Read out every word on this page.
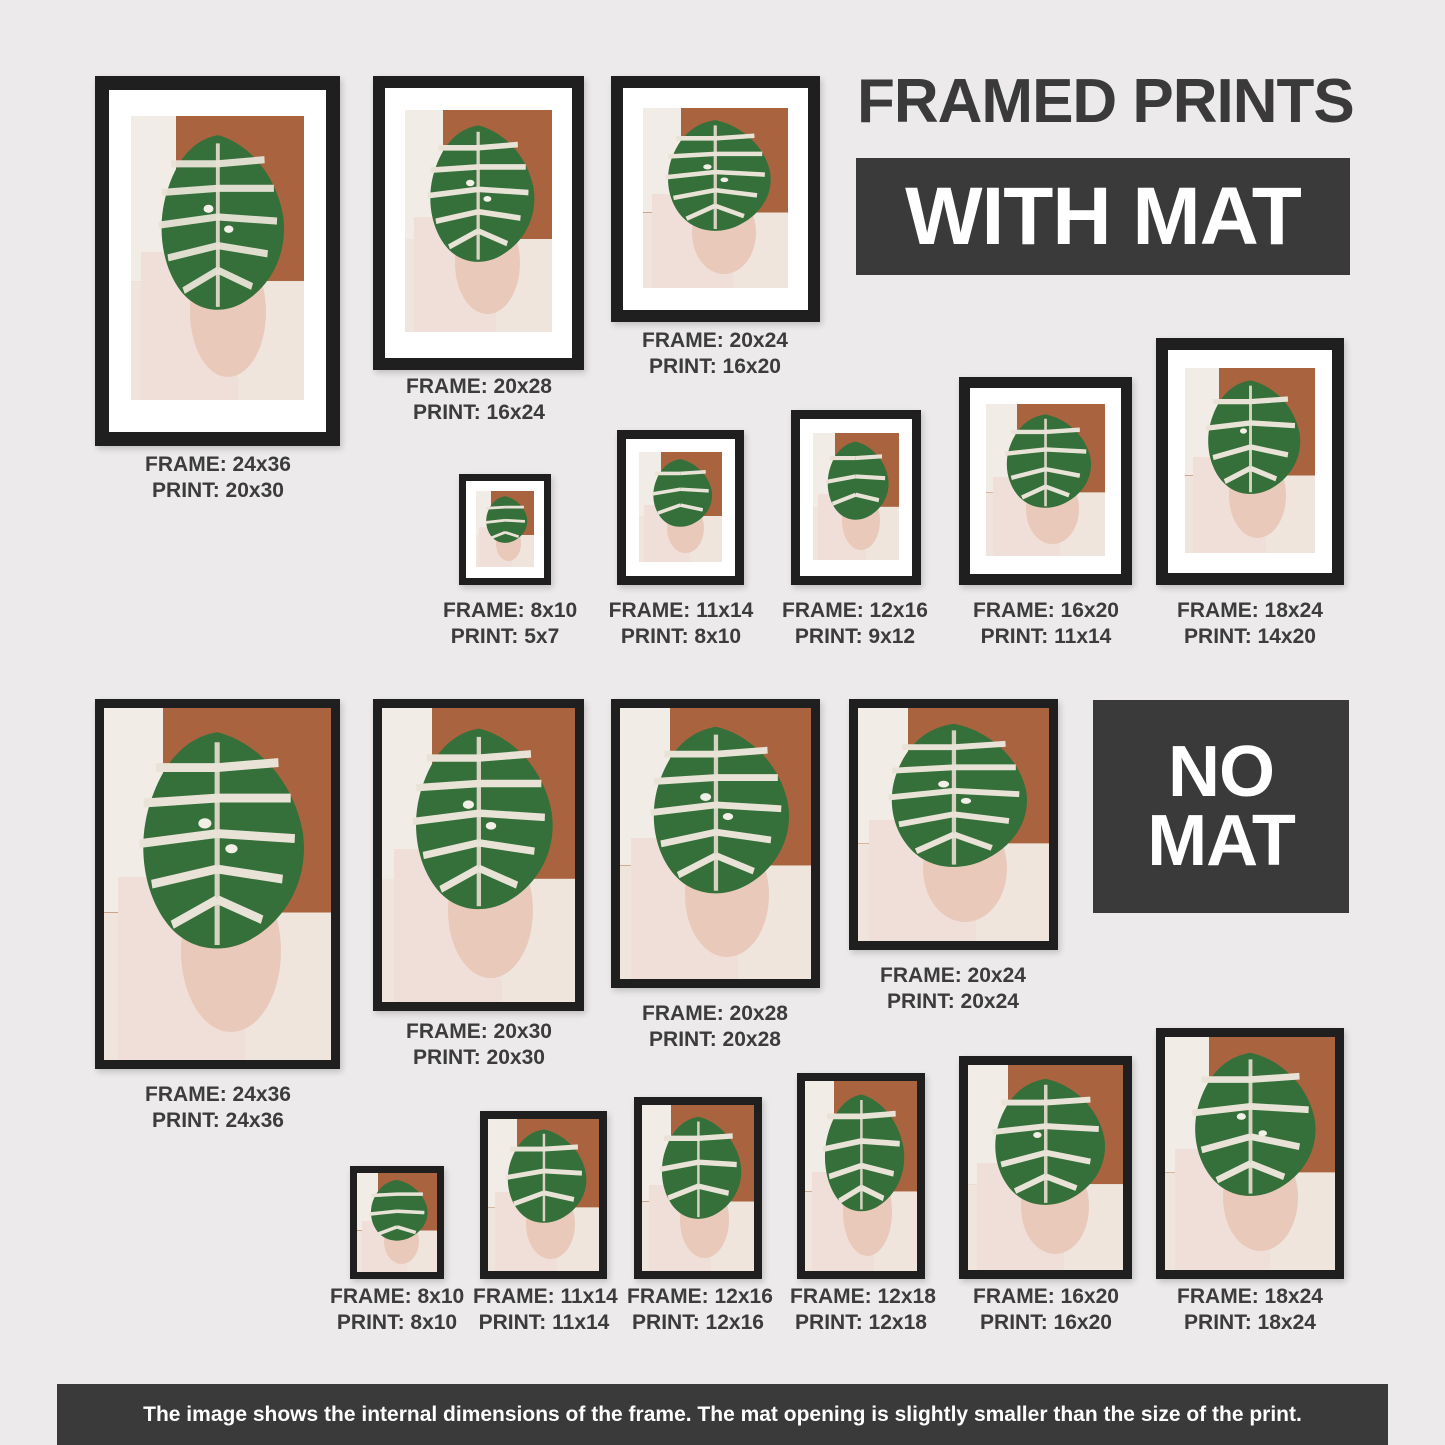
FRAMED PRINTS
WITH MAT
NO
MAT
FRAME: 24x36
PRINT: 20x30
FRAME: 20x28
PRINT: 16x24
FRAME: 20x24
PRINT: 16x20
FRAME: 8x10
PRINT: 5x7
FRAME: 11x14
PRINT: 8x10
FRAME: 12x16
PRINT: 9x12
FRAME: 16x20
PRINT: 11x14
FRAME: 18x24
PRINT: 14x20
FRAME: 24x36
PRINT: 24x36
FRAME: 20x30
PRINT: 20x30
FRAME: 20x28
PRINT: 20x28
FRAME: 20x24
PRINT: 20x24
FRAME: 8x10
PRINT: 8x10
FRAME: 11x14
PRINT: 11x14
FRAME: 12x16
PRINT: 12x16
FRAME: 12x18
PRINT: 12x18
FRAME: 16x20
PRINT: 16x20
FRAME: 18x24
PRINT: 18x24
The image shows the internal dimensions of the frame. The mat opening is slightly smaller than the size of the print.
